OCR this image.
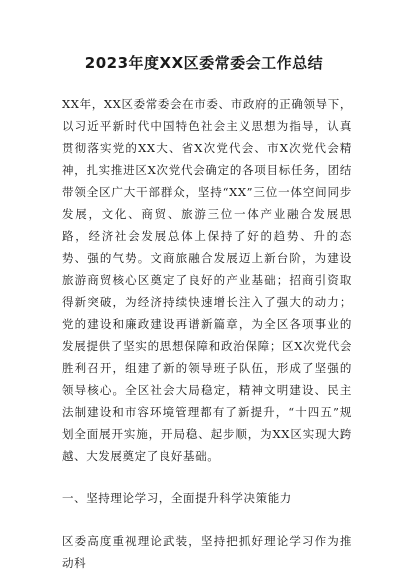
2023年度XX区委常委会工作总结

XX年，XX区委常委会在市委、市政府的正确领导下，以习近平新时代中国特色社会主义思想为指导，认真贯彻落实党的XX大、省X次党代会、市X次党代会精神，扎实推进区X次党代会确定的各项目标任务，团结带领全区广大干部群众，坚持“XX”三位一体空间同步发展，文化、商贸、旅游三位一体产业融合发展思路，经济社会发展总体上保持了好的趋势、升的态势、强的气势。文商旅融合发展迈上新台阶，为建设旅游商贸核心区奠定了良好的产业基础；招商引资取得新突破，为经济持续快速增长注入了强大的动力；党的建设和廉政建设再谱新篇章，为全区各项事业的发展提供了坚实的思想保障和政治保障；区X次党代会胜利召开，组建了新的领导班子队伍，形成了坚强的领导核心。全区社会大局稳定，精神文明建设、民主法制建设和市容环境管理都有了新提升，“十四五”规划全面展开实施，开局稳、起步顺，为XX区实现大跨越、大发展奠定了良好基础。

一、坚持理论学习，全面提升科学决策能力

区委高度重视理论武装，坚持把抓好理论学习作为推动科
